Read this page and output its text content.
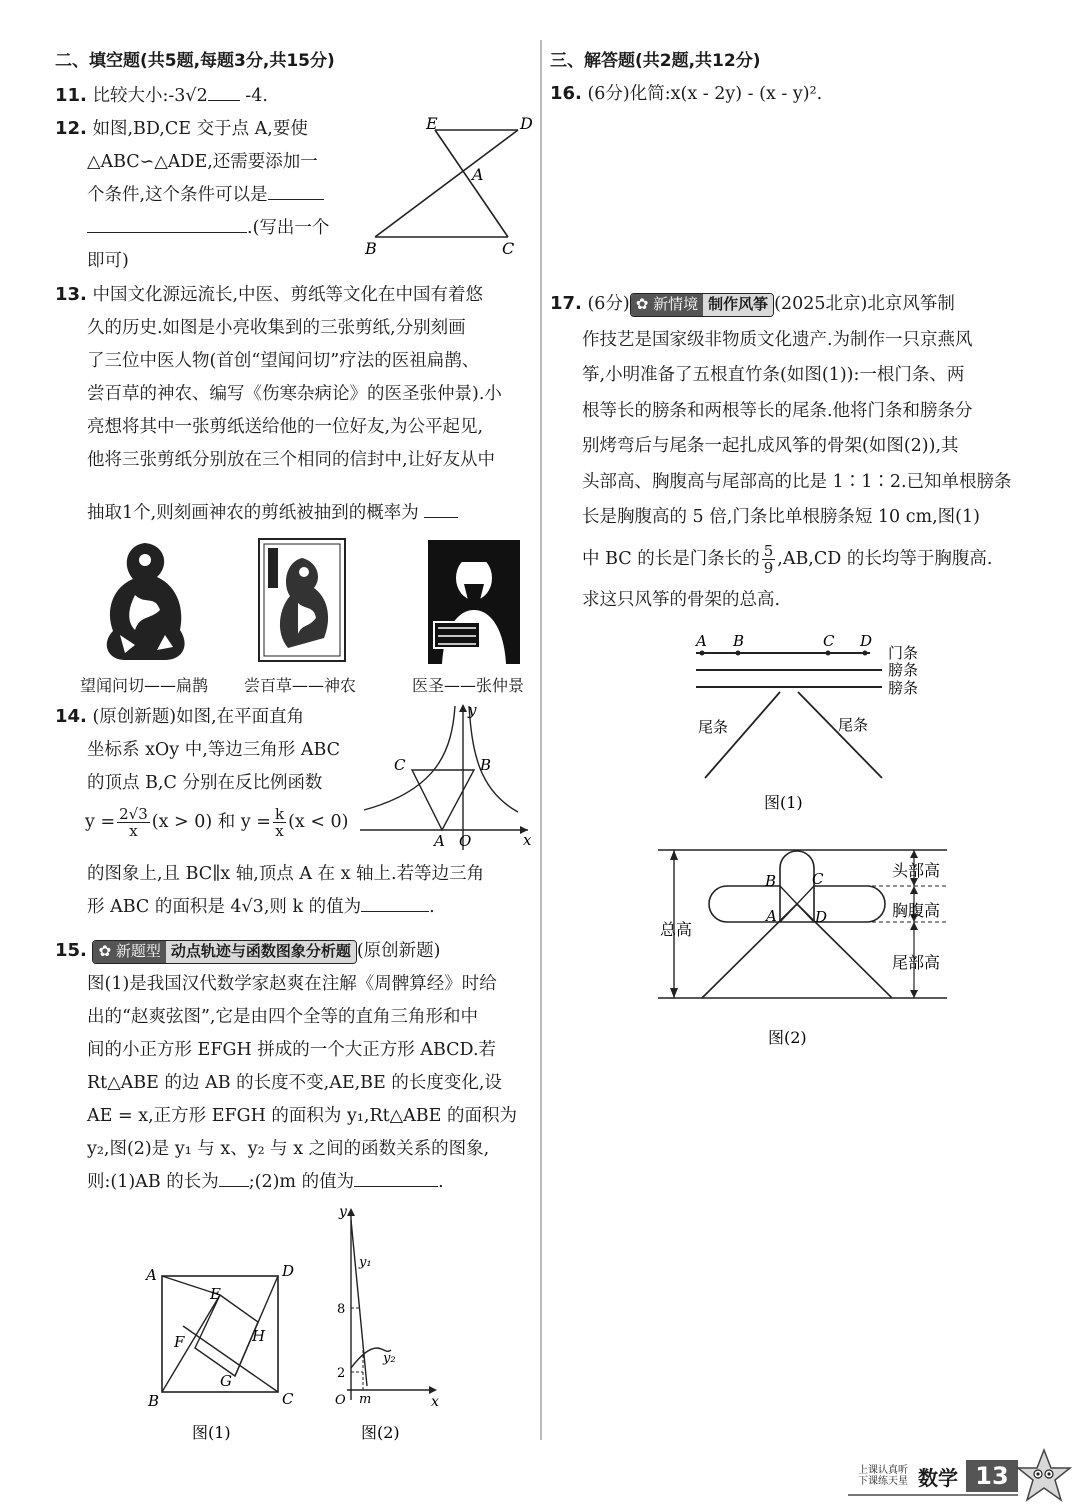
二、填空题(共5题,每题3分,共15分)
11. 比较大小:-3√2 -4.
12. 如图,BD,CE 交于点 A,要使
△ABC∽△ADE,还需要添加一
个条件,这个条件可以是
.(写出一个
即可)
E	D
A
B	C
13. 中国文化源远流长,中医、剪纸等文化在中国有着悠
久的历史.如图是小亮收集到的三张剪纸,分别刻画
了三位中医人物(首创“望闻问切”疗法的医祖扁鹊、
尝百草的神农、编写《伤寒杂病论》的医圣张仲景).小
亮想将其中一张剪纸送给他的一位好友,为公平起见,
他将三张剪纸分别放在三个相同的信封中,让好友从中
抽取1个,则刻画神农的剪纸被抽到的概率为
望闻问切——扁鹊 尝百草——神农	医圣——张仲景
14. (原创新题)如图,在平面直角
坐标系 xOy 中,等边三角形 ABC
的顶点 B,C 分别在反比例函数
$y = \frac{2√3}{x} (x > 0)$ 和 $y = \frac{k}{x} (x < 0)$
的图象上,且 BC∥x 轴,顶点 A 在 x 轴上.若等边三角
形 ABC 的面积是 4√3,则 k 的值为	.
y
x
C	B
A O
15. ✿ 新题型 动点轨迹与函数图象分析题 (原创新题)
图(1)是我国汉代数学家赵爽在注解《周髀算经》时给
出的“赵爽弦图”,它是由四个全等的直角三角形和中
间的小正方形 EFGH 拼成的一个大正方形 ABCD.若
Rt△ABE 的边 AB 的长度不变,AE,BE 的长度变化,设
AE = x,正方形 EFGH 的面积为 y₁,Rt△ABE 的面积为
y₂,图(2)是 y₁ 与 x、y₂ 与 x 之间的函数关系的图象,
则:(1)AB 的长为 ;(2)m 的值为	.
A	D
E
F	H
G
B	C
图(1)
y
x
y₁
y₂
8
2
O m
图(2)
三、解答题(共2题,共12分)
16. (6分)化简:x(x - 2y) - (x - y)².
17. (6分) ✿ 新情境 制作风筝 (2025北京)北京风筝制
作技艺是国家级非物质文化遗产.为制作一只京燕风
筝,小明准备了五根直竹条(如图(1)):一根门条、两
根等长的膀条和两根等长的尾条.他将门条和膀条分
别烤弯后与尾条一起扎成风筝的骨架(如图(2)),其
头部高、胸腹高与尾部高的比是 1∶1∶2.已知单根膀条
长是胸腹高的 5 倍,门条比单根膀条短 10 cm,图(1)
中 BC 的长是门条长的 $\frac{5}{9} ,AB,CD$ 的长均等于胸腹高.
求这只风筝的骨架的总高.
A B	C D
门条
膀条
膀条
尾条	尾条
图(1)
B C
A	D
头部高
胸腹高
尾部高
总高
图(2)
上课认真听
下课练天星 数学 13
